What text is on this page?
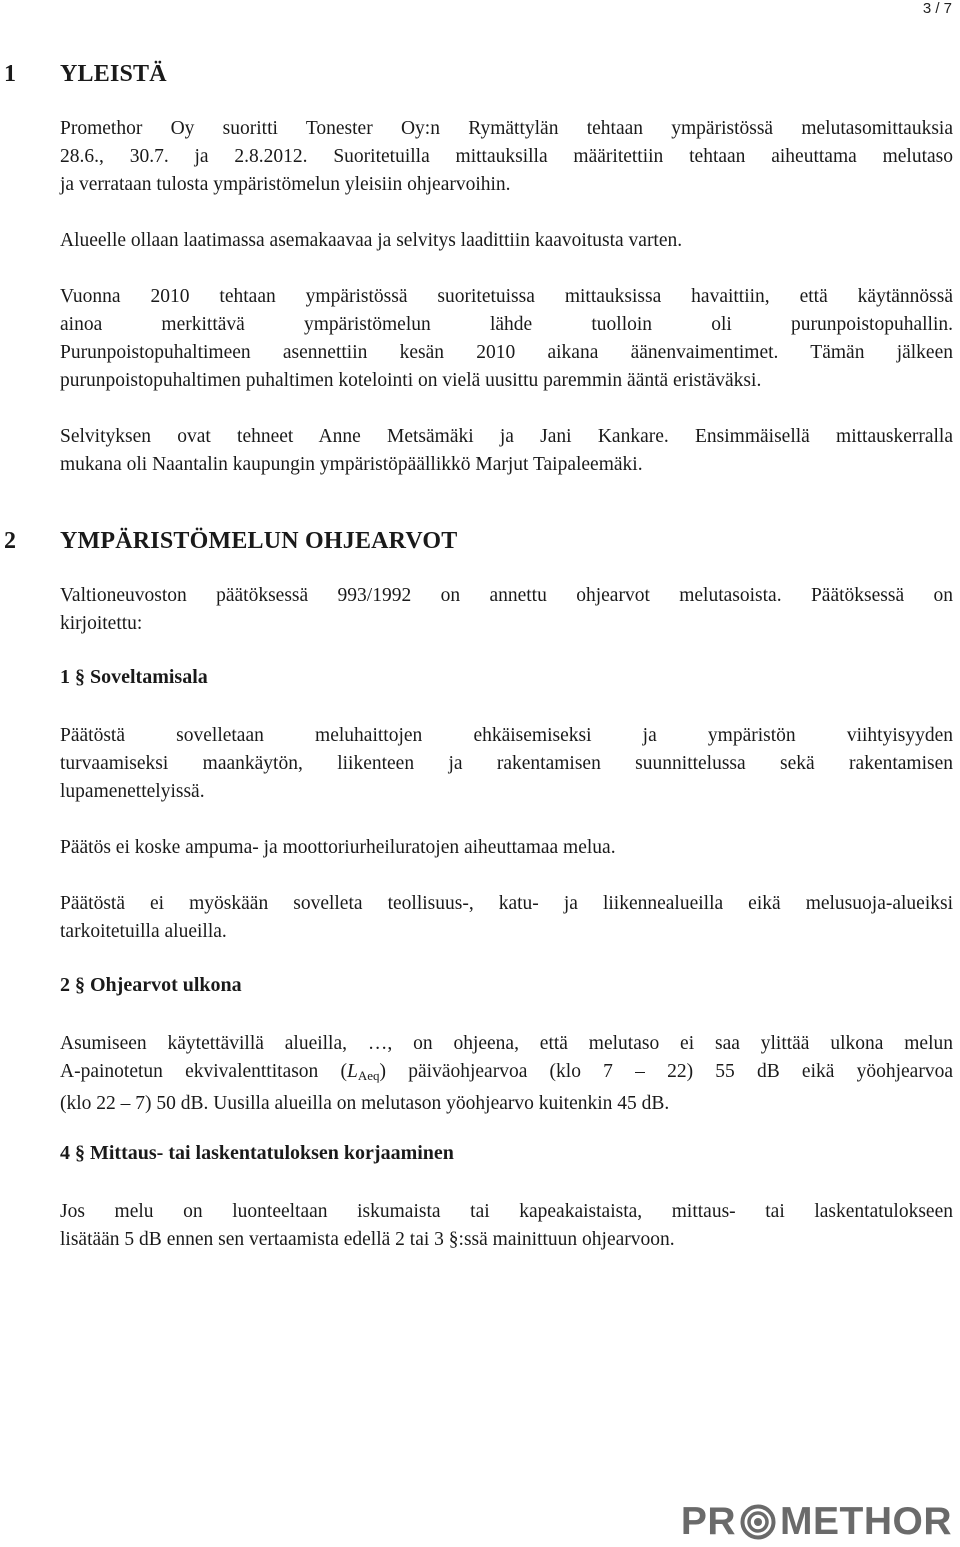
3 / 7
1 YLEISTÄ
Promethor Oy suoritti Tonester Oy:n Rymättylän tehtaan ympäristössä melutasomittauksia
28.6., 30.7. ja 2.8.2012. Suoritetuilla mittauksilla määritettiin tehtaan aiheuttama melutaso
ja verrataan tulosta ympäristömelun yleisiin ohjearvoihin.
Alueelle ollaan laatimassa asemakaavaa ja selvitys laadittiin kaavoitusta varten.
Vuonna 2010 tehtaan ympäristössä suoritetuissa mittauksissa havaittiin, että käytännössä
ainoa merkittävä ympäristömelun lähde tuolloin oli purunpoistopuhallin.
Purunpoistopuhaltimeen asennettiin kesän 2010 aikana äänenvaimentimet. Tämän jälkeen
purunpoistopuhaltimen puhaltimen kotelointi on vielä uusittu paremmin ääntä eristäväksi.
Selvityksen ovat tehneet Anne Metsämäki ja Jani Kankare. Ensimmäisellä mittauskerralla
mukana oli Naantalin kaupungin ympäristöpäällikkö Marjut Taipaleemäki.
2 YMPÄRISTÖMELUN OHJEARVOT
Valtioneuvoston päätöksessä 993/1992 on annettu ohjearvot melutasoista. Päätöksessä on
kirjoitettu:
1 § Soveltamisala
Päätöstä sovelletaan meluhaittojen ehkäisemiseksi ja ympäristön viihtyisyyden
turvaamiseksi maankäytön, liikenteen ja rakentamisen suunnittelussa sekä rakentamisen
lupamenettelyissä.
Päätös ei koske ampuma- ja moottoriurheiluratojen aiheuttamaa melua.
Päätöstä ei myöskään sovelleta teollisuus-, katu- ja liikennealueilla eikä melusuoja-alueiksi
tarkoitetuilla alueilla.
2 § Ohjearvot ulkona
Asumiseen käytettävillä alueilla, …, on ohjeena, että melutaso ei saa ylittää ulkona melun
A-painotetun ekvivalenttitason $(L_{Aeq})$ päiväohjearvoa (klo 7 – 22) 55 dB eikä yöohjearvoa
(klo 22 – 7) 50 dB. Uusilla alueilla on melutason yöohjearvo kuitenkin 45 dB.
4 § Mittaus- tai laskentatuloksen korjaaminen
Jos melu on luonteeltaan iskumaista tai kapeakaistaista, mittaus- tai laskentatulokseen
lisätään 5 dB ennen sen vertaamista edellä 2 tai 3 §:ssä mainittuun ohjearvoon.
PR METHOR
